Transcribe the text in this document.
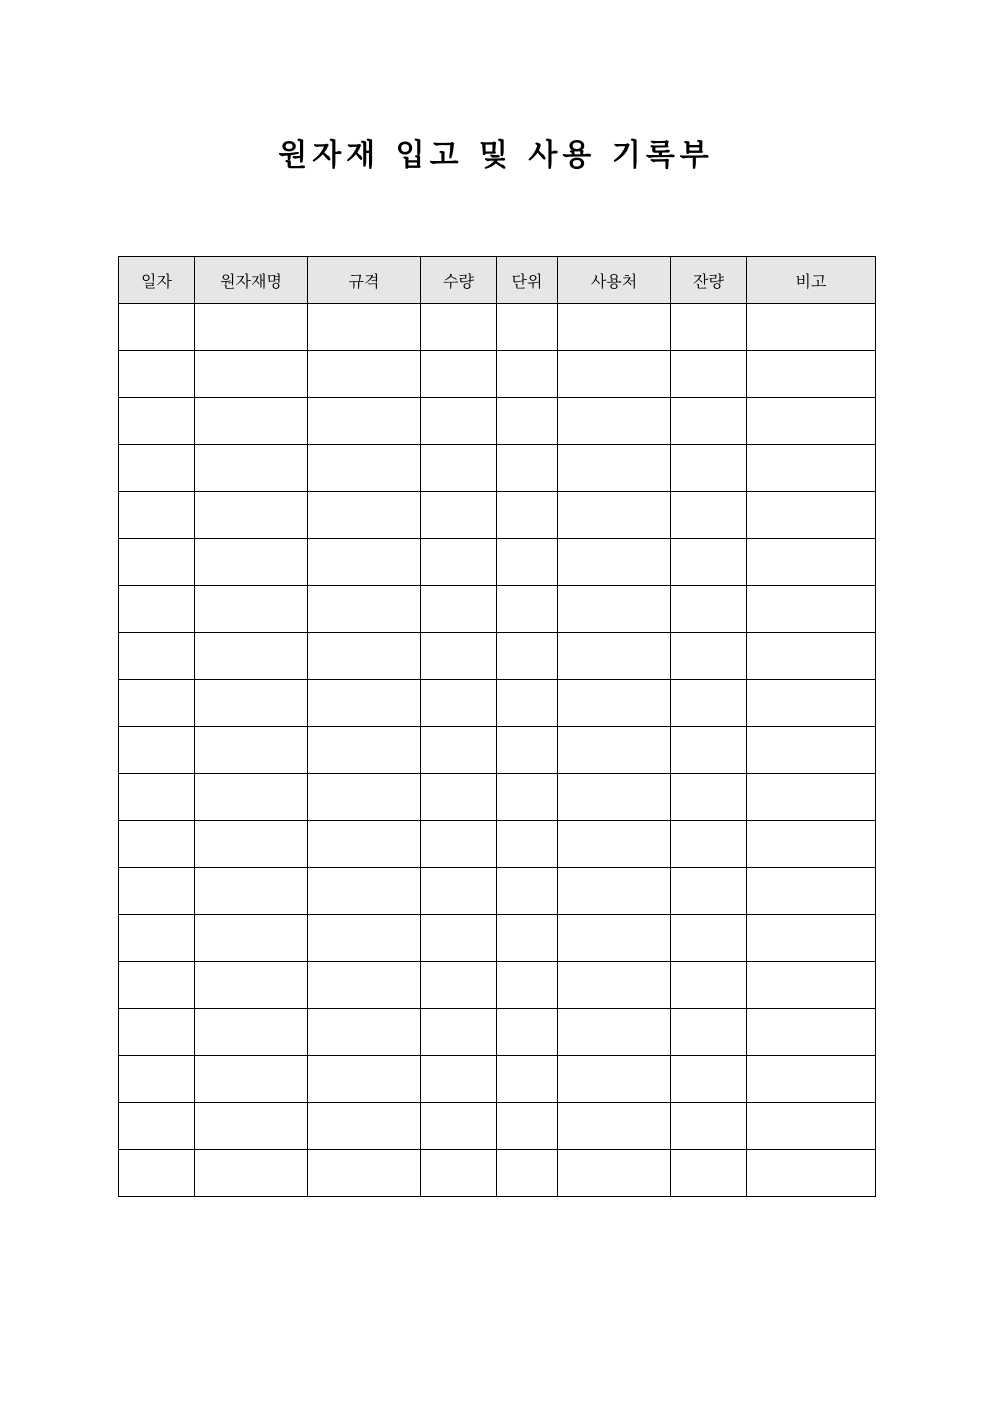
원자재 입고 및 사용 기록부
일자	원자재명	규격	수량	단위	사용처	잔량	비고
